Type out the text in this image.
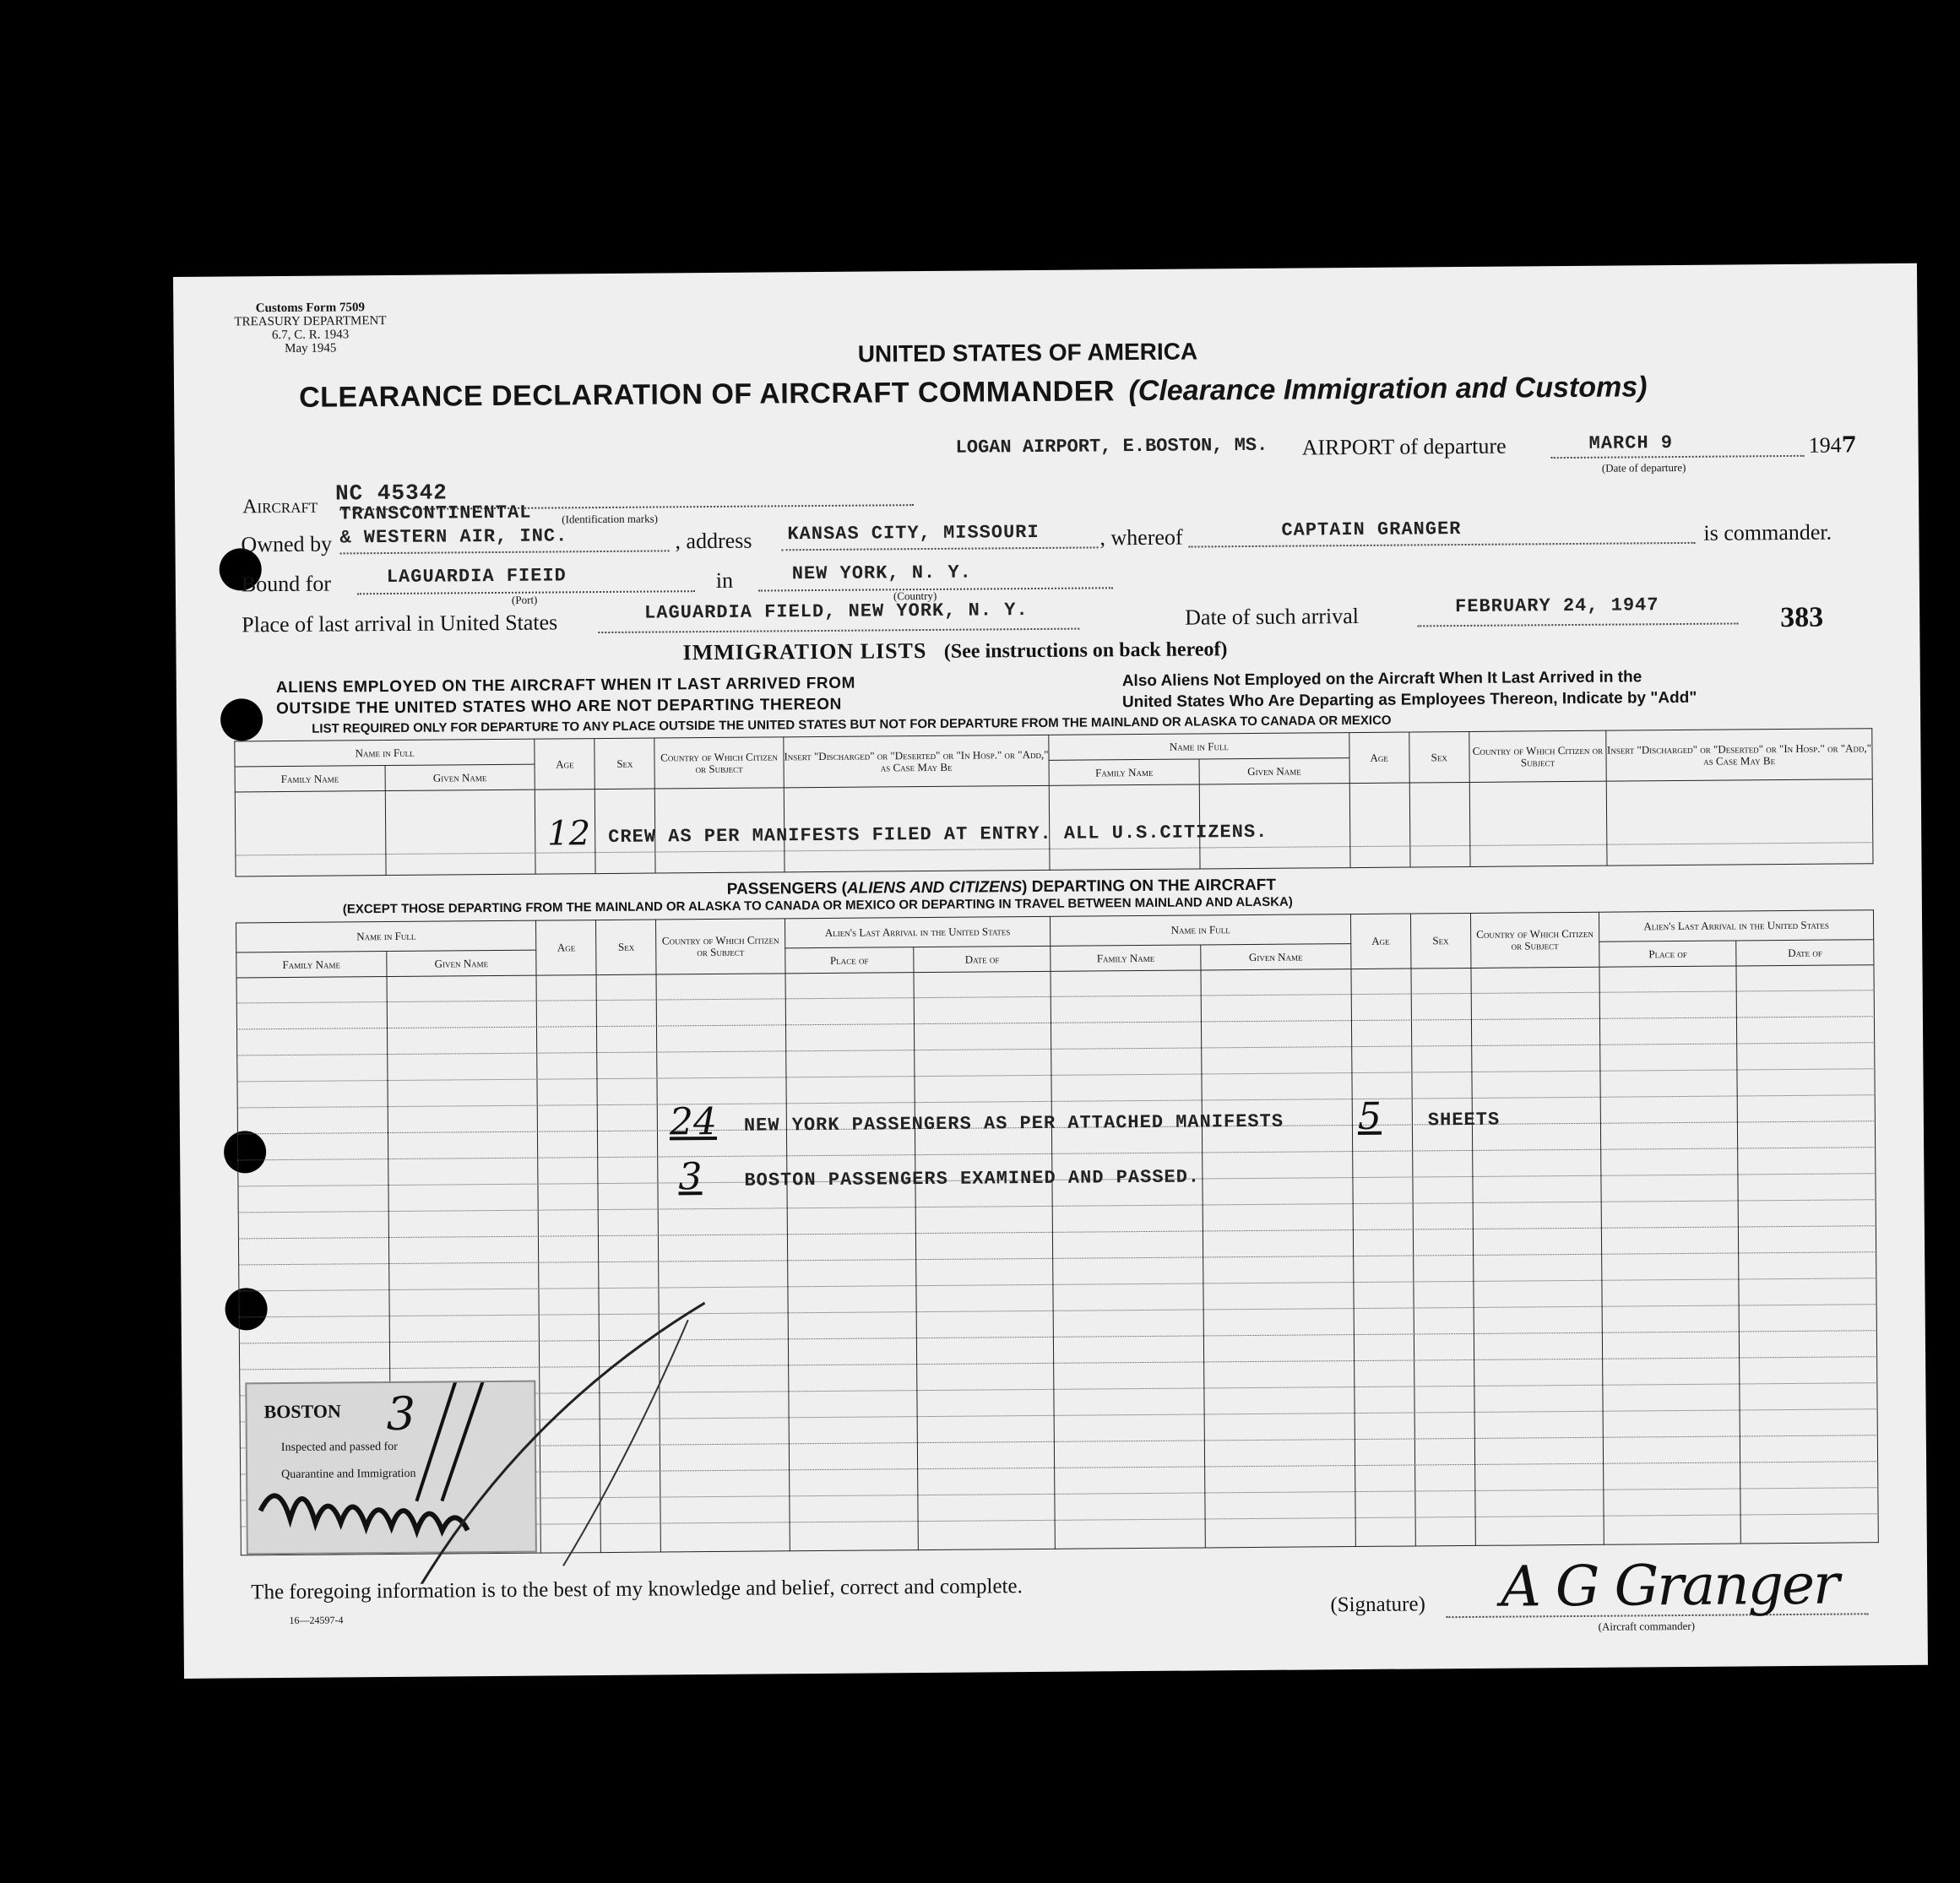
Customs Form 7509
TREASURY DEPARTMENT
6.7, C. R. 1943
May 1945	UNITED STATES OF AMERICA
CLEARANCE DECLARATION OF AIRCRAFT COMMANDER (Clearance Immigration and Customs)
LOGAN AIRPORT, E.BOSTON, MS. AIRPORT of departure	MARCH 9
(Date of departure)
1947
Aircraft
NC 45342
(Identification marks)
TRANSCONTINENTAL
Owned by & WESTERN AIR, INC.	, address KANSAS CITY, MISSOURI	, whereof	CAPTAIN GRANGER	is commander.
Bound for	LAGUARDIA FIEID
(Port)
in	NEW YORK, N. Y.
(Country)
Place of last arrival in United States	LAGUARDIA FIELD, NEW YORK, N. Y.	Date of such arrival	FEBRUARY 24, 1947	383
IMMIGRATION LISTS (See instructions on back hereof)
ALIENS EMPLOYED ON THE AIRCRAFT WHEN IT LAST ARRIVED FROM
OUTSIDE THE UNITED STATES WHO ARE NOT DEPARTING THEREON
Also Aliens Not Employed on the Aircraft When It Last Arrived in the
United States Who Are Departing as Employees Thereon, Indicate by "Add"
LIST REQUIRED ONLY FOR DEPARTURE TO ANY PLACE OUTSIDE THE UNITED STATES BUT NOT FOR DEPARTURE FROM THE MAINLAND OR ALASKA TO CANADA OR MEXICO
Name in Full		Age	Sex	Country of Which Citizen or Subject	Insert "Discharged" or "Deserted" or "In Hosp." or "Add," as Case May Be	Name in Full		Age	Sex	Country of Which Citizen or Subject	Insert "Discharged" or "Deserted" or "In Hosp." or "Add," as Case May Be
Family Name	Given Name					Family Name	Given Name				

12 CREW AS PER MANIFESTS FILED AT ENTRY. ALL U.S.CITIZENS.
PASSENGERS (ALIENS AND CITIZENS) DEPARTING ON THE AIRCRAFT
(EXCEPT THOSE DEPARTING FROM THE MAINLAND OR ALASKA TO CANADA OR MEXICO OR DEPARTING IN TRAVEL BETWEEN MAINLAND AND ALASKA)
Name in Full		Age	Sex	Country of Which Citizen or Subject	Alien's Last Arrival in the United States		Name in Full		Age	Sex	Country of Which Citizen or Subject	Alien's Last Arrival in the United States	
Family Name	Given Name				Place of	Date of	Family Name	Given Name				Place of	Date of

24 NEW YORK PASSENGERS AS PER ATTACHED MANIFESTS 5 SHEETS
3 BOSTON PASSENGERS EXAMINED AND PASSED.
BOSTON 3
Inspected and passed for
Quarantine and Immigration
The foregoing information is to the best of my knowledge and belief, correct and complete.
16—24597-4
(Signature)
(Aircraft commander)
A G Granger
